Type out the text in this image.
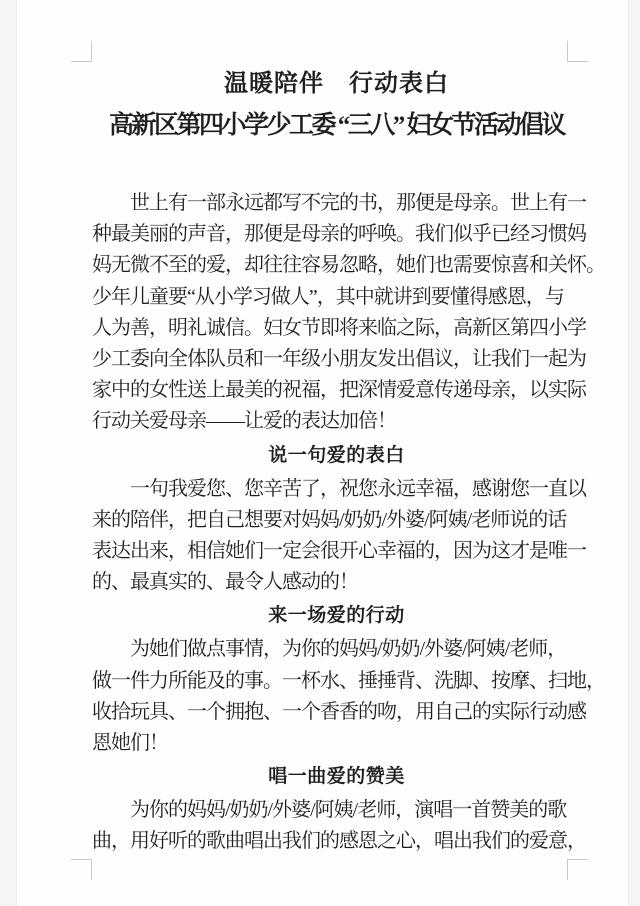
温暖陪伴　行动表白
高新区第四小学少工委 “三八” 妇女节活动倡议
世上有一部永远都写不完的书，那便是母亲。世上有一
种最美丽的声音，那便是母亲的呼唤。我们似乎已经习惯妈
妈无微不至的爱，却往往容易忽略，她们也需要惊喜和关怀。
少年儿童要“从小学习做人”，其中就讲到要懂得感恩，与
人为善，明礼诚信。妇女节即将来临之际，高新区第四小学
少工委向全体队员和一年级小朋友发出倡议，让我们一起为
家中的女性送上最美的祝福，把深情爱意传递母亲，以实际
行动关爱母亲——让爱的表达加倍！
说一句爱的表白
一句我爱您、您辛苦了，祝您永远幸福，感谢您一直以
来的陪伴，把自己想要对妈妈/奶奶/外婆/阿姨/老师说的话
表达出来，相信她们一定会很开心幸福的，因为这才是唯一
的、最真实的、最令人感动的！
来一场爱的行动
为她们做点事情，为你的妈妈/奶奶/外婆/阿姨/老师，
做一件力所能及的事。一杯水、捶捶背、洗脚、按摩、扫地，
收拾玩具、一个拥抱、一个香香的吻，用自己的实际行动感
恩她们！
唱一曲爱的赞美
为你的妈妈/奶奶/外婆/阿姨/老师，演唱一首赞美的歌
曲，用好听的歌曲唱出我们的感恩之心，唱出我们的爱意，
